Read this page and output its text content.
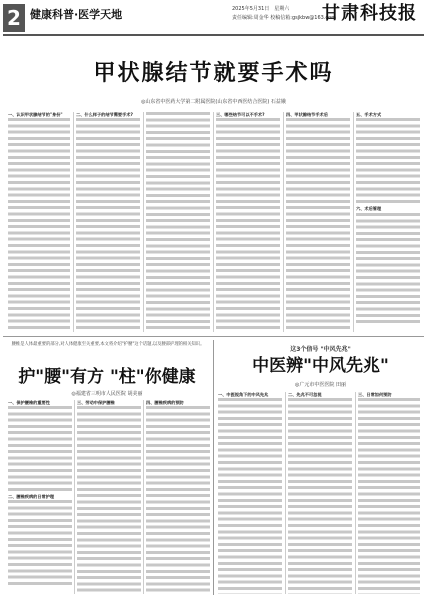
2 健康科普·医学天地	2025年5月31日　星期六
责任编辑:周金华 校稿信箱:gsjkbw@163.com
甘肃科技报
甲状腺结节就要手术吗
◎山东省中医药大学第二附属医院(山东省中西医结合医院) 石益娥
一、认识甲状腺结节的"身份"	二、什么样子的结节需要手术?	三、哪些结节可以不手术?	四、甲状腺结节手术后	五、手术方式
六、术后管理
腰椎是人体最重要的部分,对人体健康至关重要,本文将介绍"护腰"这个话题,以及腰部护理的相关知识。
护"腰"有方 "柱"你健康
◎福建省三明市人民医院 胡美丽
一、保护腰椎的重要性
二、腰椎疾病的日常护理
三、劳动中保护腰椎	四、腰椎疾病的预防
这3个信号 "中风先兆"
中医辨"中风先兆"
◎广元市中医医院 田丽
一、中医视角下的中风先兆	二、先兆不可忽视	三、日常如何预防
